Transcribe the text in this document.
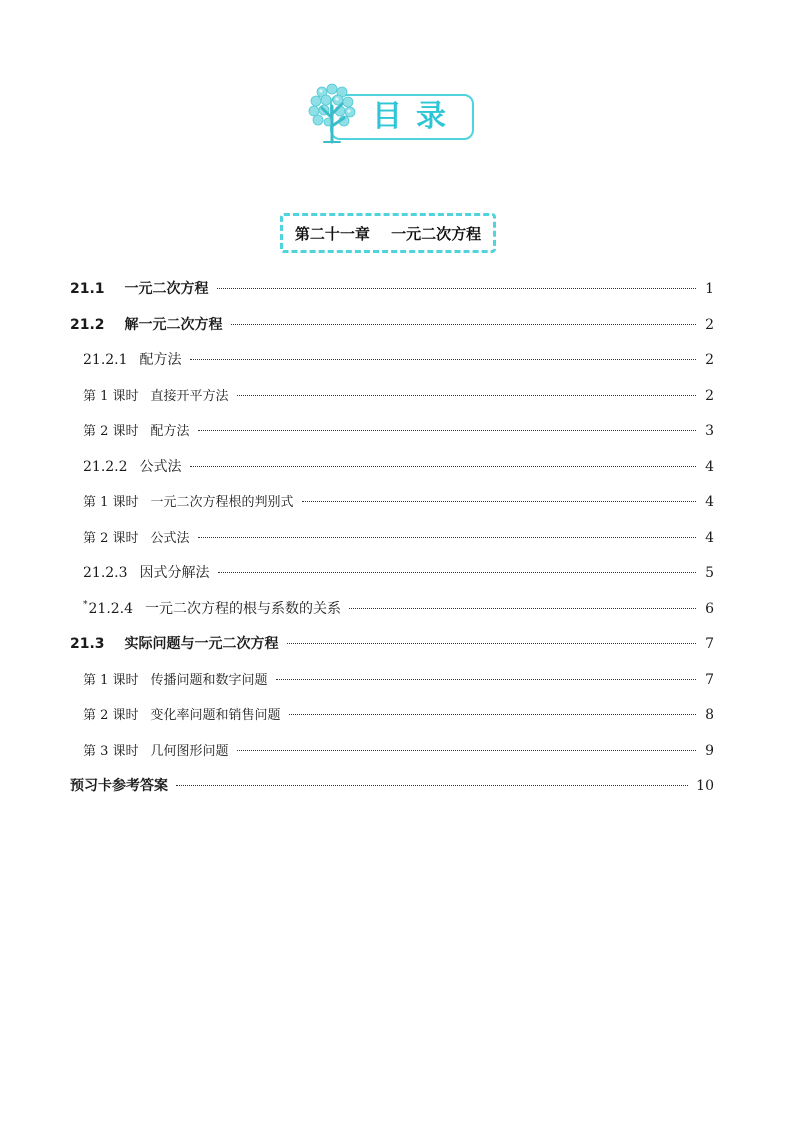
目录
第二十一章 一元二次方程
21.1 一元二次方程	1
21.2 解一元二次方程	2
21.2.1 配方法	2
第 1 课时 直接开平方法	2
第 2 课时 配方法	3
21.2.2 公式法	4
第 1 课时 一元二次方程根的判别式	4
第 2 课时 公式法	4
21.2.3 因式分解法	5
* 21.2.4 一元二次方程的根与系数的关系	6
21.3 实际问题与一元二次方程	7
第 1 课时 传播问题和数字问题	7
第 2 课时 变化率问题和销售问题	8
第 3 课时 几何图形问题	9
预习卡参考答案	10
